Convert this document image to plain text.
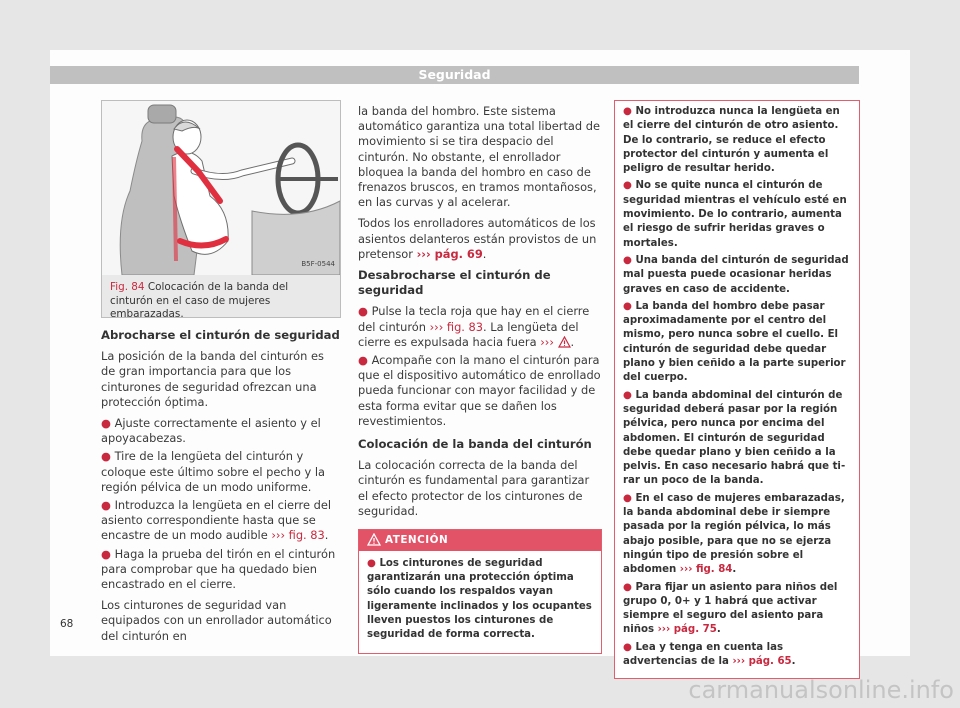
Seguridad
B5F-0544
Fig. 84 Colocación de la banda del cinturón en el caso de mujeres embarazadas.
Abrocharse el cinturón de seguridad

La posición de la banda del cinturón es de gran importancia para que los cinturones de seguridad ofrezcan una protección óptima.

● Ajuste correctamente el asiento y el apoyacabezas.
● Tire de la lengüeta del cinturón y coloque este último sobre el pecho y la región pélvica de un modo uniforme.
● Introduzca la lengüeta en el cierre del asiento correspondiente hasta que se encastre de un modo audible ››› fig. 83.
● Haga la prueba del tirón en el cinturón para comprobar que ha quedado bien encastrado en el cierre.

Los cinturones de seguridad van equipados con un enrollador automático del cinturón en

la banda del hombro. Este sistema automático garantiza una total libertad de movimiento si se tira despacio del cinturón. No obstante, el enrollador bloquea la banda del hombro en caso de frenazos bruscos, en tramos montañosos, en las curvas y al acelerar.

Todos los enrolladores automáticos de los asientos delanteros están provistos de un pretensor ››› pág. 69.

Desabrocharse el cinturón de seguridad
● Pulse la tecla roja que hay en el cierre del cinturón ››› fig. 83. La lengüeta del cierre es expulsada hacia fuera ››› .
● Acompañe con la mano el cinturón para que el dispositivo automático de enrollado pueda funcionar con mayor facilidad y de esta forma evitar que se dañen los revestimientos.
Colocación de la banda del cinturón

La colocación correcta de la banda del cinturón es fundamental para garantizar el efecto protector de los cinturones de seguridad.

ATENCIÓN
● Los cinturones de seguridad garantizarán una protección óptima sólo cuando los respaldos vayan ligeramente inclinados y los ocupantes lleven puestos los cinturones de seguridad de forma correcta.
● No introduzca nunca la lengüeta en el cierre del cinturón de otro asiento. De lo contrario, se reduce el efecto protector del cinturón y aumenta el peligro de resultar herido.
● No se quite nunca el cinturón de seguridad mientras el vehículo esté en movimiento. De lo contrario, aumenta el riesgo de sufrir heridas graves o mortales.
● Una banda del cinturón de seguridad mal puesta puede ocasionar heridas graves en caso de accidente.
● La banda del hombro debe pasar aproximadamente por el centro del mismo, pero nunca sobre el cuello. El cinturón de seguridad debe quedar plano y bien ceñido a la parte superior del cuerpo.
● La banda abdominal del cinturón de seguridad deberá pasar por la región pélvica, pero nunca por encima del abdomen. El cinturón de seguridad debe quedar plano y bien ceñido a la pelvis. En caso necesario habrá que tirar un poco de la banda.
● En el caso de mujeres embarazadas, la banda abdominal debe ir siempre pasada por la región pélvica, lo más abajo posible, para que no se ejerza ningún tipo de presión sobre el abdomen ››› fig. 84.
● Para fijar un asiento para niños del grupo 0, 0+ y 1 habrá que activar siempre el seguro del asiento para niños ››› pág. 75.
● Lea y tenga en cuenta las advertencias de la ››› pág. 65.
68
carmanualsonline.info
